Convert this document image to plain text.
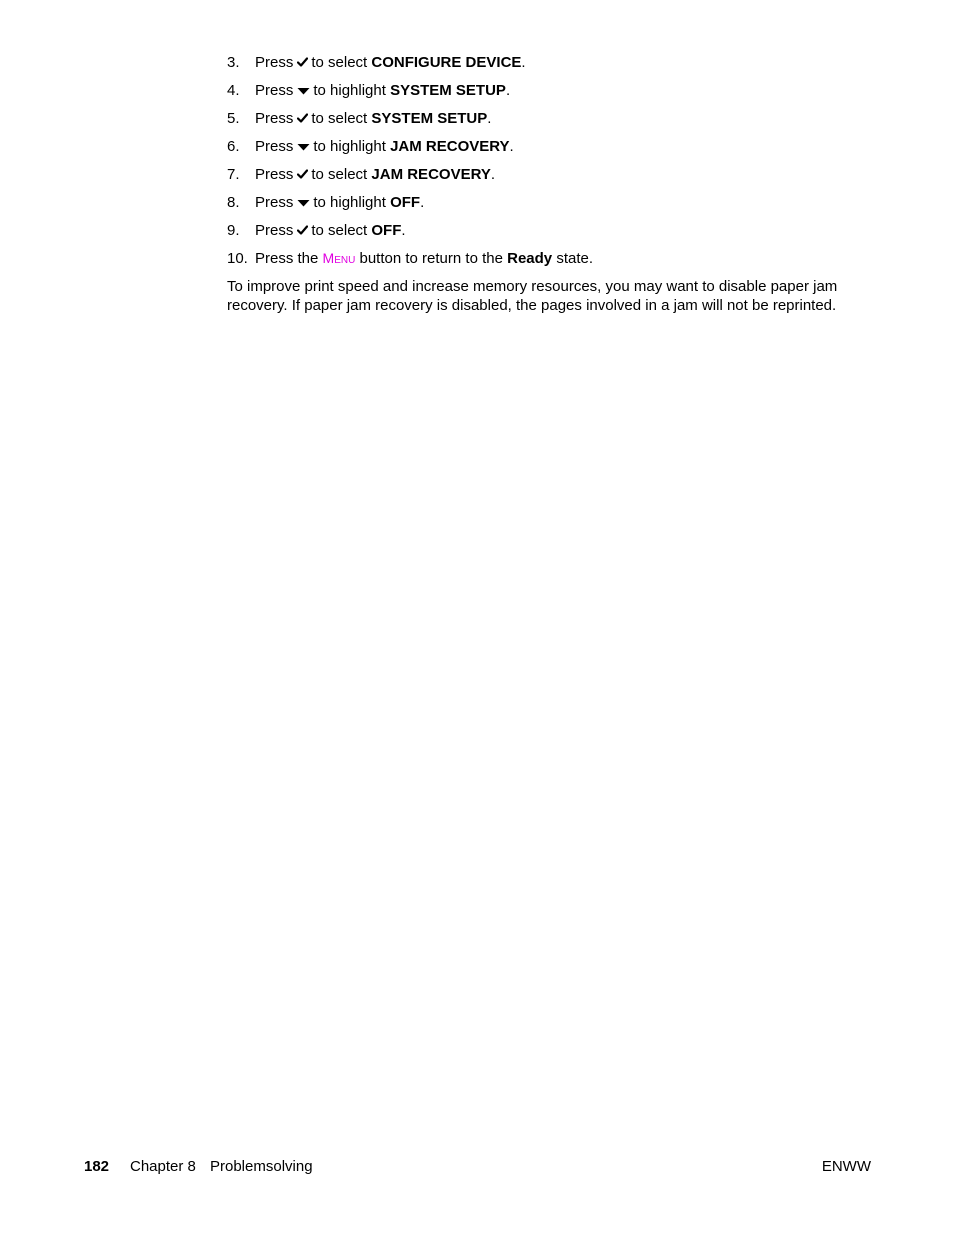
3.	Press to select CONFIGURE DEVICE.
4.	Press to highlight SYSTEM SETUP.
5.	Press to select SYSTEM SETUP.
6.	Press to highlight JAM RECOVERY.
7.	Press to select JAM RECOVERY.
8.	Press to highlight OFF.
9.	Press to select OFF.
10. Press the Menu button to return to the Ready state.

To improve print speed and increase memory resources, you may want to disable paper jam recovery. If paper jam recovery is disabled, the pages involved in a jam will not be reprinted.

182 Chapter 8 Problemsolving	ENWW
